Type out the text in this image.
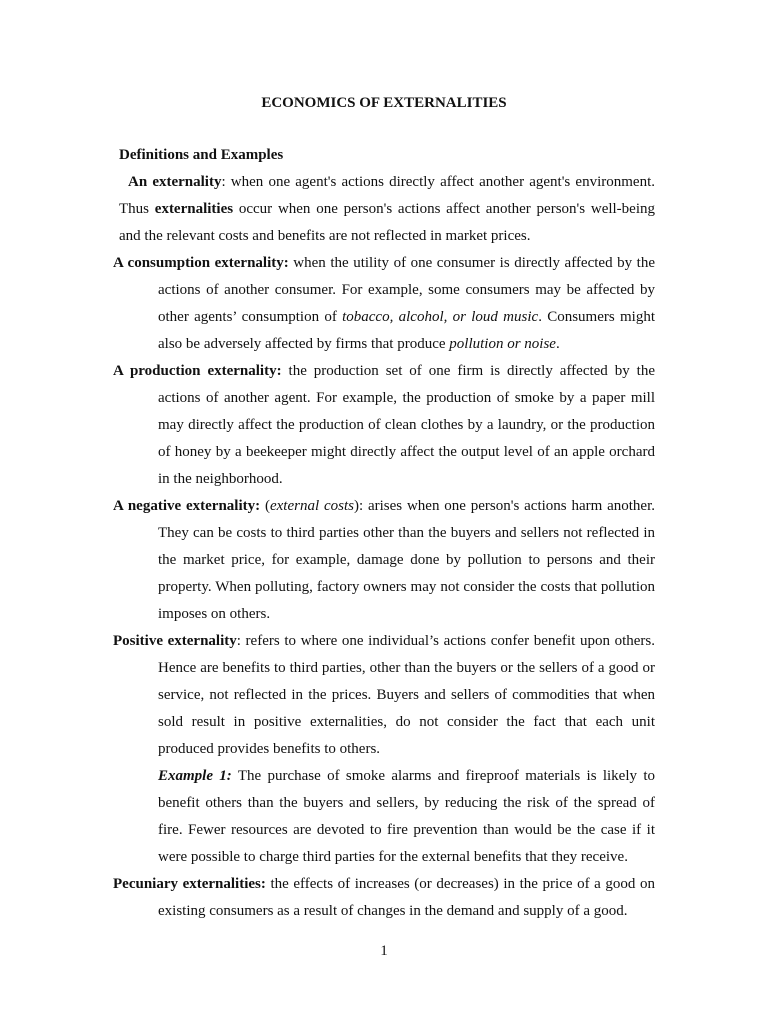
ECONOMICS OF EXTERNALITIES
Definitions and Examples

An externality: when one agent's actions directly affect another agent's environment. Thus externalities occur when one person's actions affect another person's well-being and the relevant costs and benefits are not reflected in market prices.

A consumption externality: when the utility of one consumer is directly affected by the actions of another consumer. For example, some consumers may be affected by other agents’ consumption of tobacco, alcohol, or loud music. Consumers might also be adversely affected by firms that produce pollution or noise.

A production externality: the production set of one firm is directly affected by the actions of another agent. For example, the production of smoke by a paper mill may directly affect the production of clean clothes by a laundry, or the production of honey by a beekeeper might directly affect the output level of an apple orchard in the neighborhood.

A negative externality: (external costs): arises when one person's actions harm another. They can be costs to third parties other than the buyers and sellers not reflected in the market price, for example, damage done by pollution to persons and their property. When polluting, factory owners may not consider the costs that pollution imposes on others.

Positive externality: refers to where one individual’s actions confer benefit upon others. Hence are benefits to third parties, other than the buyers or the sellers of a good or service, not reflected in the prices. Buyers and sellers of commodities that when sold result in positive externalities, do not consider the fact that each unit produced provides benefits to others.

Example 1: The purchase of smoke alarms and fireproof materials is likely to benefit others than the buyers and sellers, by reducing the risk of the spread of fire. Fewer resources are devoted to fire prevention than would be the case if it were possible to charge third parties for the external benefits that they receive.

Pecuniary externalities: the effects of increases (or decreases) in the price of a good on existing consumers as a result of changes in the demand and supply of a good.

1
